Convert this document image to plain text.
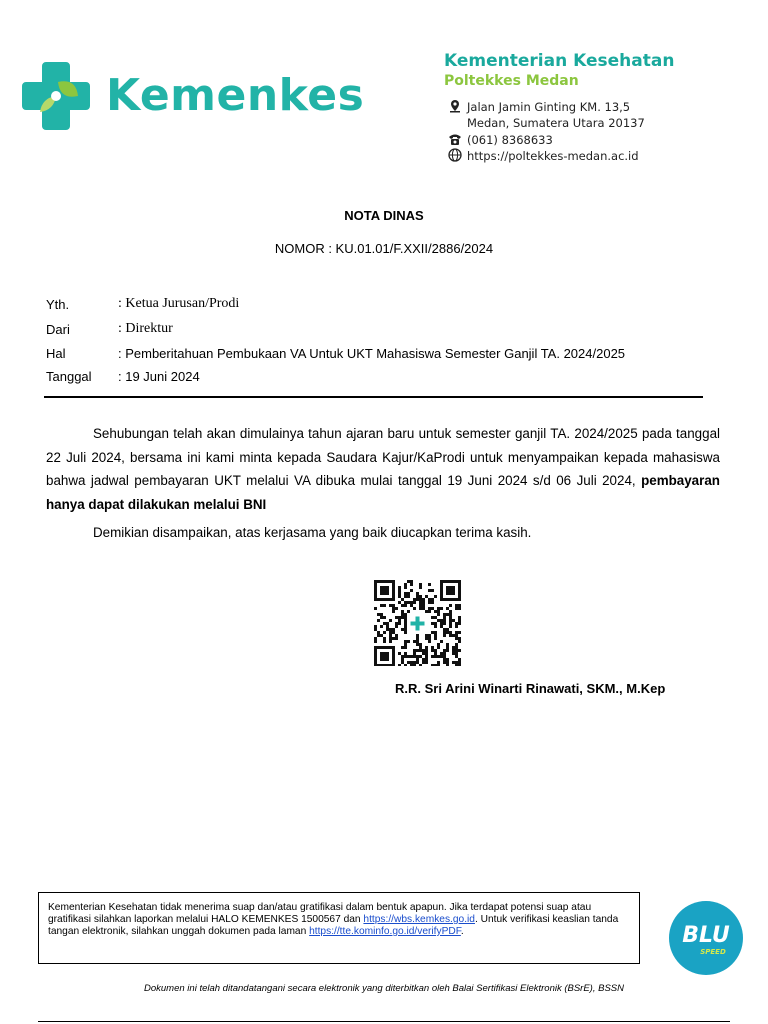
Kemenkes
Kementerian Kesehatan
Poltekkes Medan
Jalan Jamin Ginting KM. 13,5
Medan, Sumatera Utara 20137
(061) 8368633
https://poltekkes-medan.ac.id
NOTA DINAS
NOMOR : KU.01.01/F.XXII/2886/2024
Yth.	: Ketua Jurusan/Prodi
Dari	: Direktur
Hal	: Pemberitahuan Pembukaan VA Untuk UKT Mahasiswa Semester Ganjil TA. 2024/2025
Tanggal : 19 Juni 2024
Sehubungan telah akan dimulainya tahun ajaran baru untuk semester ganjil TA. 2024/2025 pada tanggal 22 Juli 2024, bersama ini kami minta kepada Saudara Kajur/KaProdi untuk menyampaikan kepada mahasiswa bahwa jadwal pembayaran UKT melalui VA dibuka mulai tanggal 19 Juni 2024 s/d 06 Juli 2024, pembayaran hanya dapat dilakukan melalui BNI
Demikian disampaikan, atas kerjasama yang baik diucapkan terima kasih.
R.R. Sri Arini Winarti Rinawati, SKM., M.Kep
Kementerian Kesehatan tidak menerima suap dan/atau gratifikasi dalam bentuk apapun. Jika terdapat potensi suap atau gratifikasi silahkan laporkan melalui HALO KEMENKES 1500567 dan https://wbs.kemkes.go.id. Untuk verifikasi keaslian tanda tangan elektronik, silahkan unggah dokumen pada laman https://tte.kominfo.go.id/verifyPDF.	BLU
SPEED
Dokumen ini telah ditandatangani secara elektronik yang diterbitkan oleh Balai Sertifikasi Elektronik (BSrE), BSSN
